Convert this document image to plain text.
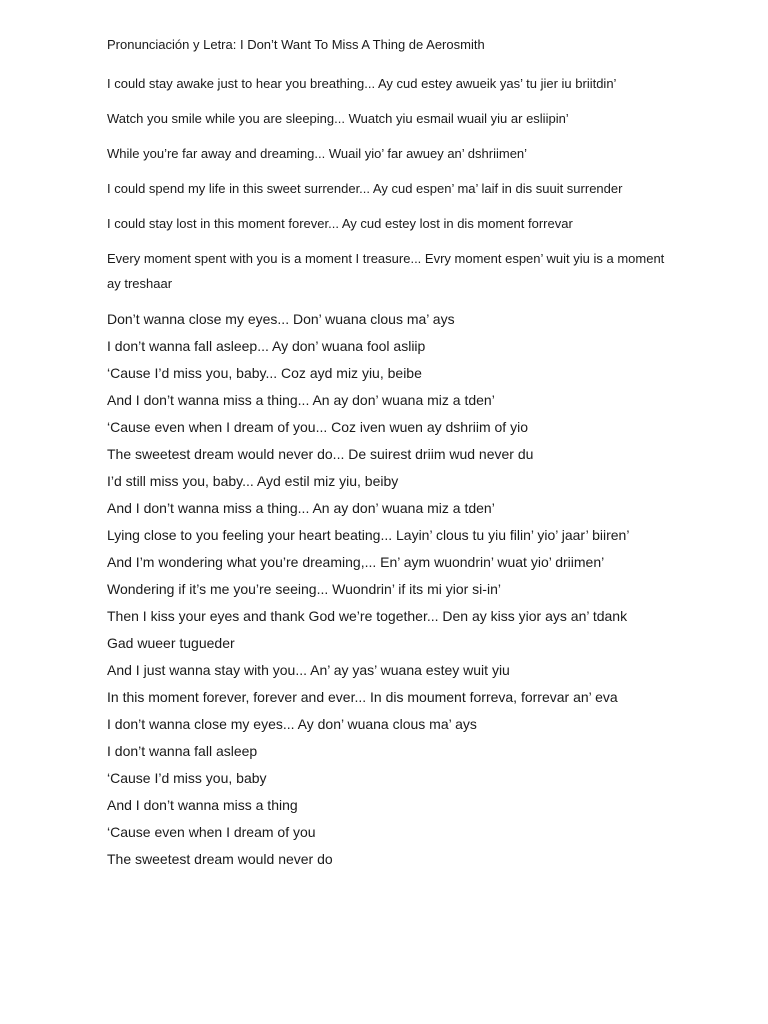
Pronunciación y Letra: I Don’t Want To Miss A Thing de Aerosmith

I could stay awake just to hear you breathing... Ay cud estey awueik yas’ tu jier iu briitdin’

Watch you smile while you are sleeping... Wuatch yiu esmail wuail yiu ar esliipin’

While you’re far away and dreaming... Wuail yio’ far awuey an’ dshriimen’

I could spend my life in this sweet surrender... Ay cud espen’ ma’ laif in dis suuit surrender

I could stay lost in this moment forever... Ay cud estey lost in dis moment forrevar

Every moment spent with you is a moment I treasure... Evry moment espen’ wuit yiu is a moment ay treshaar

Don’t wanna close my eyes... Don’ wuana clous ma’ ays

I don’t wanna fall asleep... Ay don’ wuana fool asliip

‘Cause I’d miss you, baby... Coz ayd miz yiu, beibe

And I don’t wanna miss a thing... An ay don’ wuana miz a tden’

‘Cause even when I dream of you... Coz iven wuen ay dshriim of yio

The sweetest dream would never do... De suirest driim wud never du

I’d still miss you, baby... Ayd estil miz yiu, beiby

And I don’t wanna miss a thing... An ay don’ wuana miz a tden’

Lying close to you feeling your heart beating... Layin’ clous tu yiu filin’ yio’ jaar’ biiren’

And I’m wondering what you’re dreaming,... En’ aym wuondrin’ wuat yio’ driimen’

Wondering if it’s me you’re seeing... Wuondrin’ if its mi yior si-in’

Then I kiss your eyes and thank God we’re together... Den ay kiss yior ays an’ tdank Gad wueer tugueder

And I just wanna stay with you... An’ ay yas’ wuana estey wuit yiu

In this moment forever, forever and ever... In dis moument forreva, forrevar an’ eva

I don’t wanna close my eyes... Ay don’ wuana clous ma’ ays

I don’t wanna fall asleep

‘Cause I’d miss you, baby

And I don’t wanna miss a thing

‘Cause even when I dream of you

The sweetest dream would never do
